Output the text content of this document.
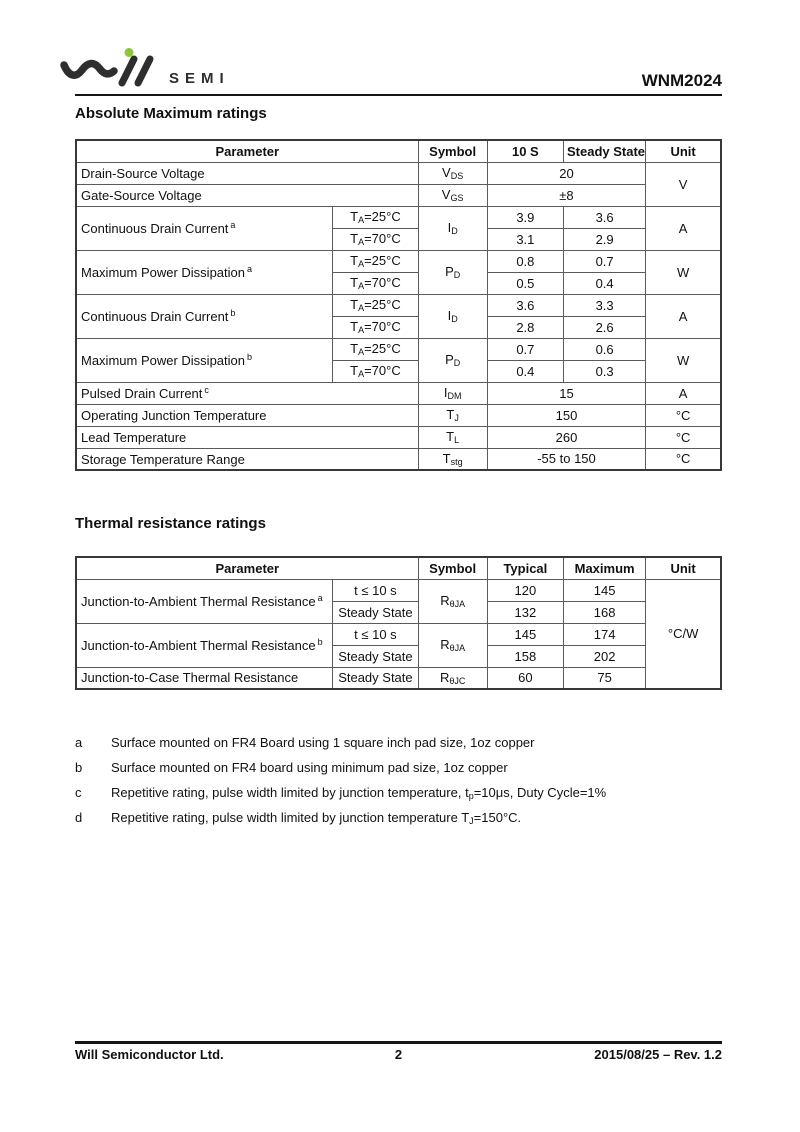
SEMI	WNM2024
Absolute Maximum ratings
Parameter		Symbol	10 S	Steady State	Unit
Drain-Source Voltage		VDS	20		V
Gate-Source Voltage		VGS	±8		
Continuous Drain Current $^a$	TA=25°C	ID	3.9	3.6	A
	TA=70°C		3.1	2.9	
Maximum Power Dissipation $^a$	TA=25°C	PD	0.8	0.7	W
	TA=70°C		0.5	0.4	
Continuous Drain Current $^b$	TA=25°C	ID	3.6	3.3	A
	TA=70°C		2.8	2.6	
Maximum Power Dissipation $^b$	TA=25°C	PD	0.7	0.6	W
	TA=70°C		0.4	0.3	
Pulsed Drain Current $^c$		IDM	15		A
Operating Junction Temperature		TJ	150		°C
Lead Temperature		TL	260		°C
Storage Temperature Range		Tstg	-55 to 150		°C
Thermal resistance ratings
Parameter		Symbol	Typical	Maximum	Unit
Junction-to-Ambient Thermal Resistance $^a$	t ≤ 10 s	RθJA	120	145	°C/W
	Steady State		132	168	
Junction-to-Ambient Thermal Resistance $^b$	t ≤ 10 s	RθJA	145	174	
	Steady State		158	202	
Junction-to-Case Thermal Resistance	Steady State	RθJC	60	75	
a	Surface mounted on FR4 Board using 1 square inch pad size, 1oz copper
b	Surface mounted on FR4 board using minimum pad size, 1oz copper
c	Repetitive rating, pulse width limited by junction temperature, tp=10μs, Duty Cycle=1%
d	Repetitive rating, pulse width limited by junction temperature TJ=150°C.
Will Semiconductor Ltd.	2	2015/08/25 – Rev. 1.2
